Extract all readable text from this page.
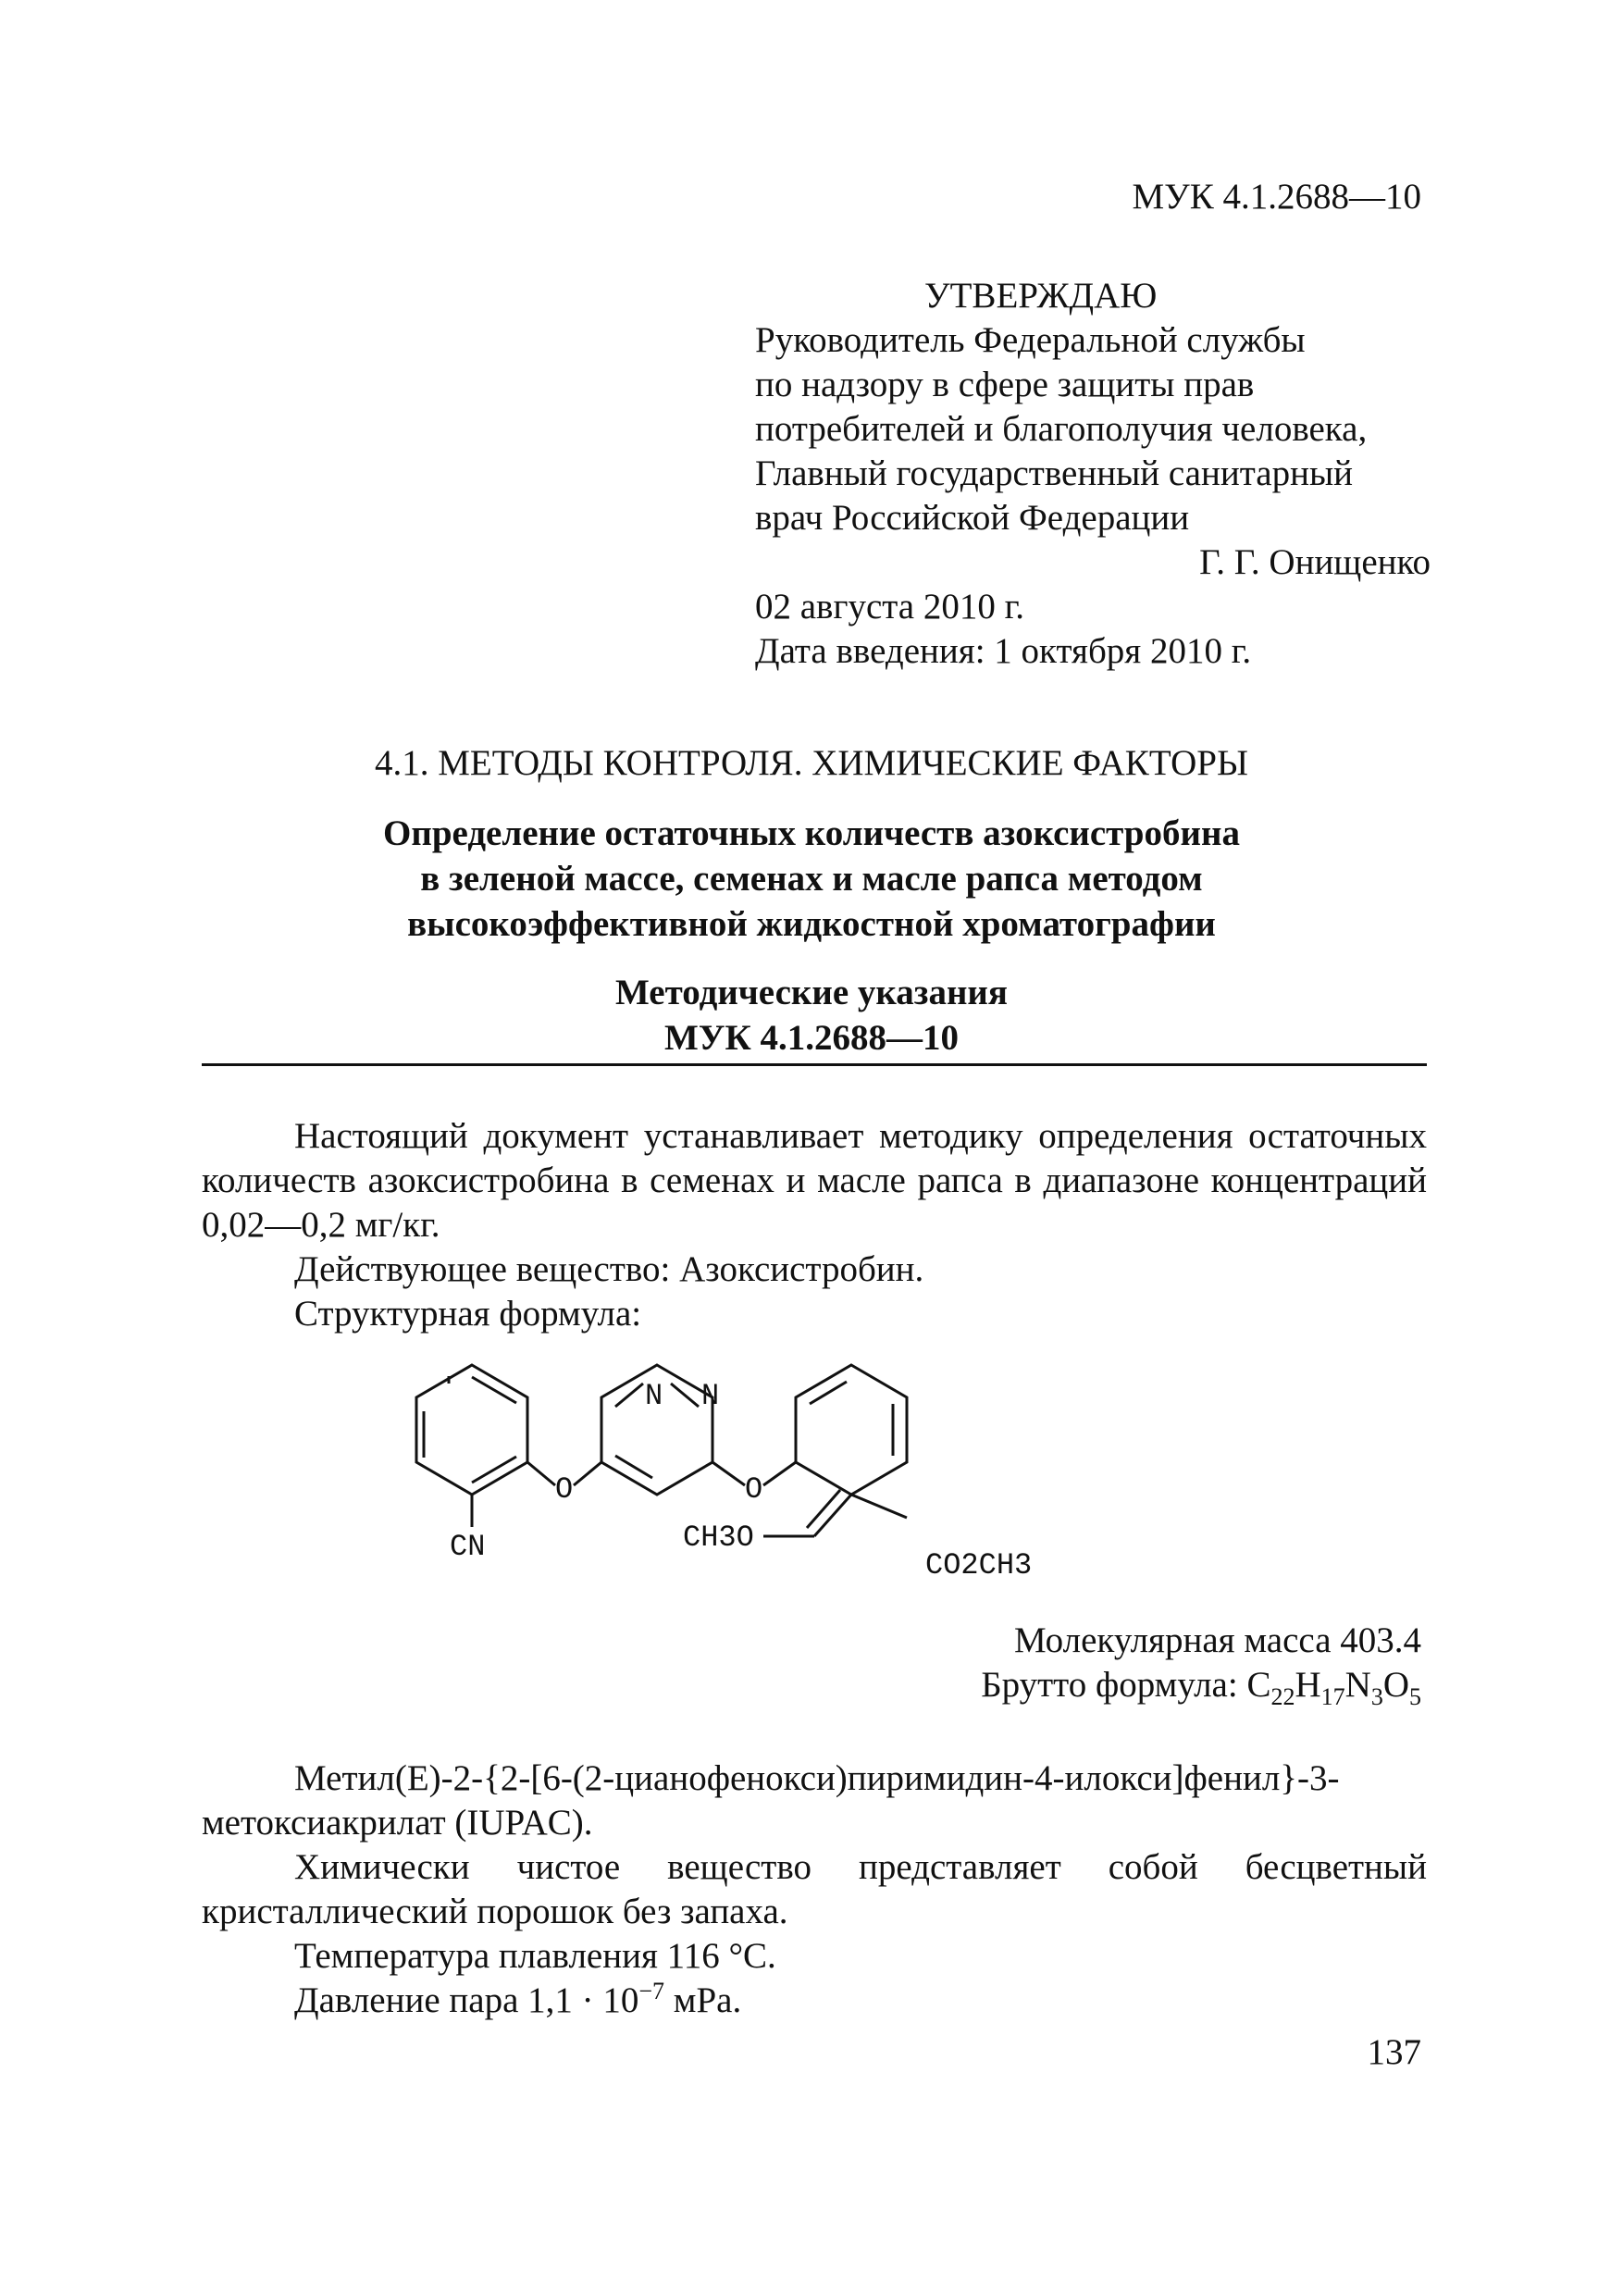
МУК 4.1.2688—10
УТВЕРЖДАЮ
Руководитель Федеральной службы
по надзору в сфере защиты прав
потребителей и благополучия человека,
Главный государственный санитарный
врач Российской Федерации
Г. Г. Онищенко
02 августа 2010 г.
Дата введения: 1 октября 2010 г.
4.1. МЕТОДЫ КОНТРОЛЯ. ХИМИЧЕСКИЕ ФАКТОРЫ
Определение остаточных количеств азоксистробина
в зеленой массе, семенах и масле рапса методом
высокоэффективной жидкостной хроматографии
Методические указания
МУК 4.1.2688—10
Настоящий документ устанавливает методику определения остаточных количеств азоксистробина в семенах и масле рапса в диапазоне концентраций 0,02—0,2 мг/кг.
Действующее вещество: Азоксистробин.
Структурная формула:
N N
O	O
CN	CH3O
CO2CH3
Молекулярная масса 403.4
Брутто формула: $C_{22}H_{17}N_3O_5$
Метил(E)-2-{2-[6-(2-цианофенокси)пиримидин-4-илокси]фенил}-3-метоксиакрилат (IUPAC).
Химически чистое вещество представляет собой бесцветный кристаллический порошок без запаха.
Температура плавления 116 °C.
Давление пара $1,1 \cdot 10^{-7}$ мPa.
137
